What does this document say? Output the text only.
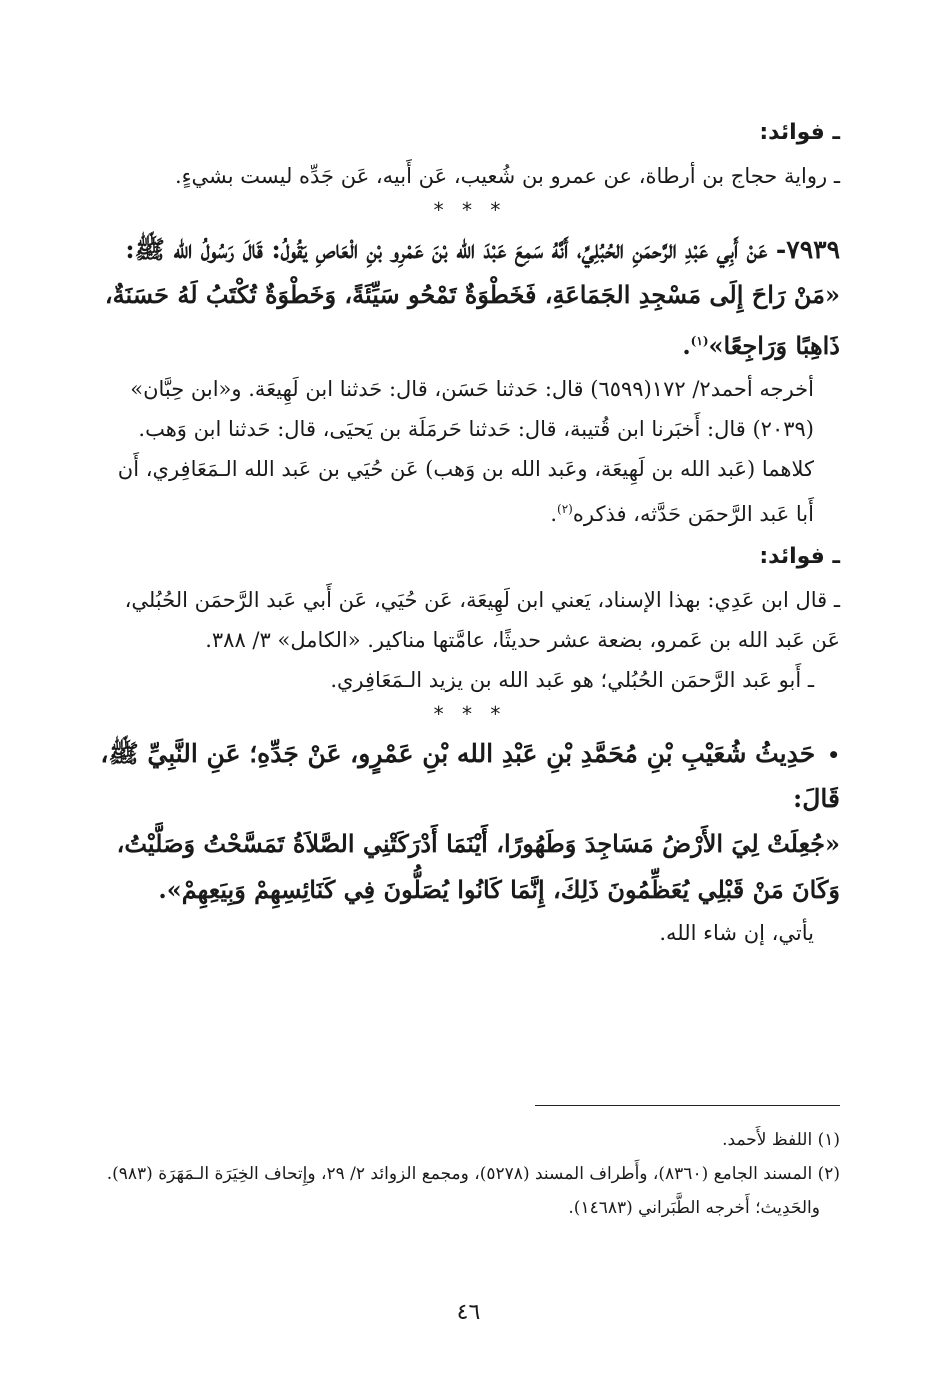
ـ فوائد:

ـ رواية حجاج بن أرطاة، عن عمرو بن شُعيب، عَن أَبيه، عَن جَدِّه ليست بشيءٍ.

* * *

٧٩٣٩- عَنْ أَبِي عَبْدِ الرَّحمَنِ الحُبُلِيِّ، أَنَّهُ سَمِعَ عَبْدَ الله بْنَ عَمْرِو بْنِ الْعَاصِ يَقُولُ: قَالَ رَسُولُ الله ﷺ:

«مَنْ رَاحَ إِلَى مَسْجِدِ الجَمَاعَةِ، فَخَطْوَةٌ تَمْحُو سَيِّئَةً، وَخَطْوَةٌ تُكْتَبُ لَهُ حَسَنَةٌ، ذَاهِبًا وَرَاجِعًا»$^{(١)}$.

أخرجه أحمد٢/ ١٧٢(٦٥٩٩) قال: حَدثنا حَسَن، قال: حَدثنا ابن لَهِيعَة. و«ابن حِبَّان» (٢٠٣٩) قال: أَخبَرنا ابن قُتيبة، قال: حَدثنا حَرمَلَة بن يَحيَى، قال: حَدثنا ابن وَهب.

كلاهما (عَبد الله بن لَهِيعَة، وعَبد الله بن وَهب) عَن حُيَي بن عَبد الله الـمَعَافِري، أَن أَبا عَبد الرَّحمَن حَدَّثه، فذكره$^{(٢)}$.

ـ فوائد:

ـ قال ابن عَدِي: بهذا الإسناد، يَعني ابن لَهِيعَة، عَن حُيَي، عَن أَبي عَبد الرَّحمَن الحُبُلي، عَن عَبد الله بن عَمرو، بضعة عشر حديثًا، عامَّتها مناكير. «الكامل» ٣/ ٣٨٨.

ـ أَبو عَبد الرَّحمَن الحُبُلي؛ هو عَبد الله بن يزيد الـمَعَافِري.

* * *

•حَدِيثُ شُعَيْبِ بْنِ مُحَمَّدِ بْنِ عَبْدِ الله بْنِ عَمْرٍو، عَنْ جَدِّهِ؛ عَنِ النَّبِيِّ ﷺ، قَالَ:

«جُعِلَتْ لِيَ الأَرْضُ مَسَاجِدَ وَطَهُورًا، أَيْنَمَا أَدْرَكَتْنِي الصَّلاَةُ تَمَسَّحْتُ وَصَلَّيْتُ، وَكَانَ مَنْ قَبْلِي يُعَظِّمُونَ ذَلِكَ، إِنَّمَا كَانُوا يُصَلُّونَ فِي كَنَائِسِهِمْ وَبِيَعِهِمْ».

يأتي، إن شاء الله.

(١) اللفظ لأَحمد.

(٢) المسند الجامع (٨٣٦٠)، وأَطراف المسند (٥٢٧٨)، ومجمع الزوائد ٢/ ٢٩، وإِتحاف الخِيَرَة الـمَهَرَة (٩٨٣).

والحَدِيث؛ أَخرجه الطَّبَراني (١٤٦٨٣).

٤٦
